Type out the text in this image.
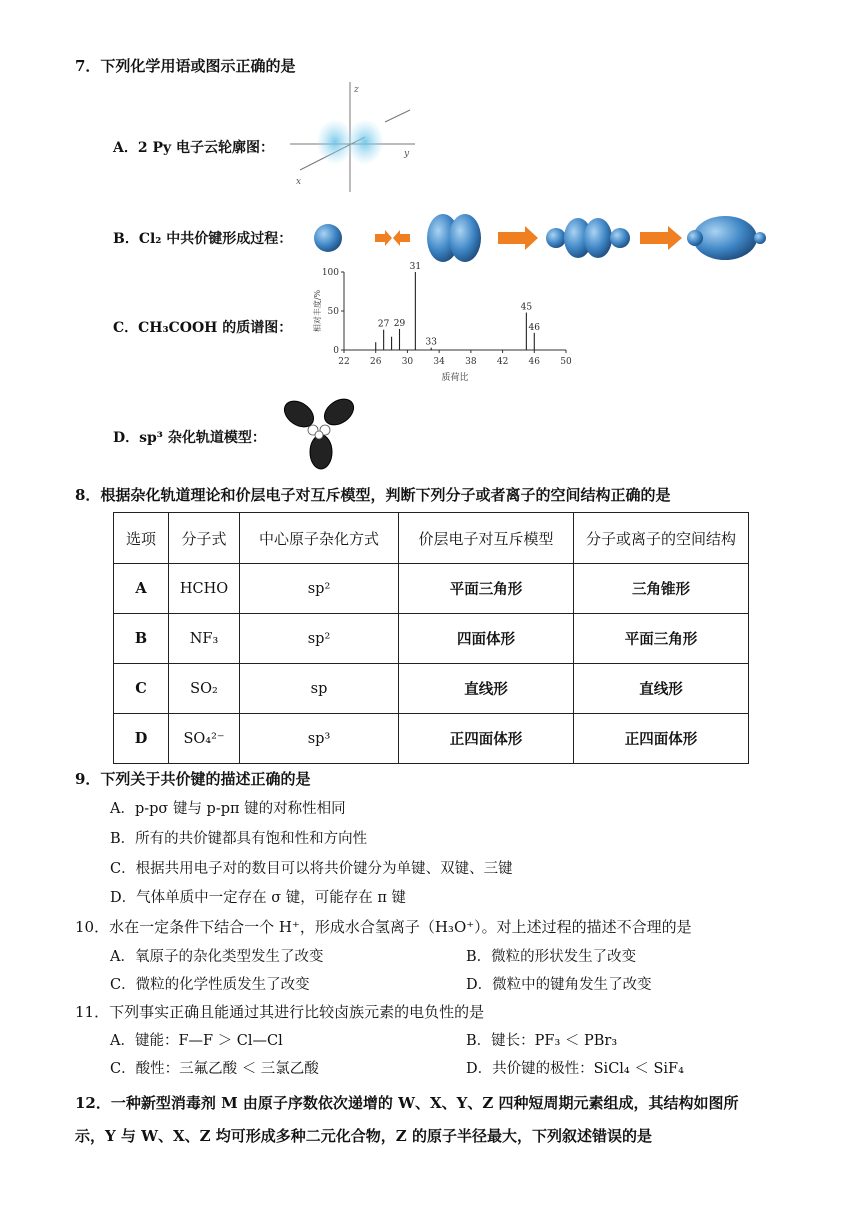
7．下列化学用语或图示正确的是
A．2 Py 电子云轮廓图：
z
y
x
B．Cl₂ 中共价键形成过程：
C．CH₃COOH 的质谱图：
22 26 30 34 38 42 46 50
0
50
100
27 29
31
33
45
46
相对丰度/%
质荷比
D．sp³ 杂化轨道模型：
8．根据杂化轨道理论和价层电子对互斥模型，判断下列分子或者离子的空间结构正确的是
选项	分子式	中心原子杂化方式	价层电子对互斥模型	分子或离子的空间结构
A	HCHO	sp²	平面三角形	三角锥形
B	NF₃	sp²	四面体形	平面三角形
C	SO₂	sp	直线形	直线形
D	SO₄²⁻	sp³	正四面体形	正四面体形
9．下列关于共价键的描述正确的是
A．p-pσ 键与 p-pπ 键的对称性相同
B．所有的共价键都具有饱和性和方向性
C．根据共用电子对的数目可以将共价键分为单键、双键、三键
D．气体单质中一定存在 σ 键，可能存在 π 键
10．水在一定条件下结合一个 H⁺，形成水合氢离子（H₃O⁺）。对上述过程的描述不合理的是
A．氧原子的杂化类型发生了改变	B．微粒的形状发生了改变
C．微粒的化学性质发生了改变	D．微粒中的键角发生了改变
11．下列事实正确且能通过其进行比较卤族元素的电负性的是
A．键能：F—F ＞ Cl—Cl	B．键长：PF₃ ＜ PBr₃
C．酸性：三氟乙酸 ＜ 三氯乙酸	D．共价键的极性：SiCl₄ ＜ SiF₄
12．一种新型消毒剂 M 由原子序数依次递增的 W、X、Y、Z 四种短周期元素组成，其结构如图所
示，Y 与 W、X、Z 均可形成多种二元化合物，Z 的原子半径最大，下列叙述错误的是
